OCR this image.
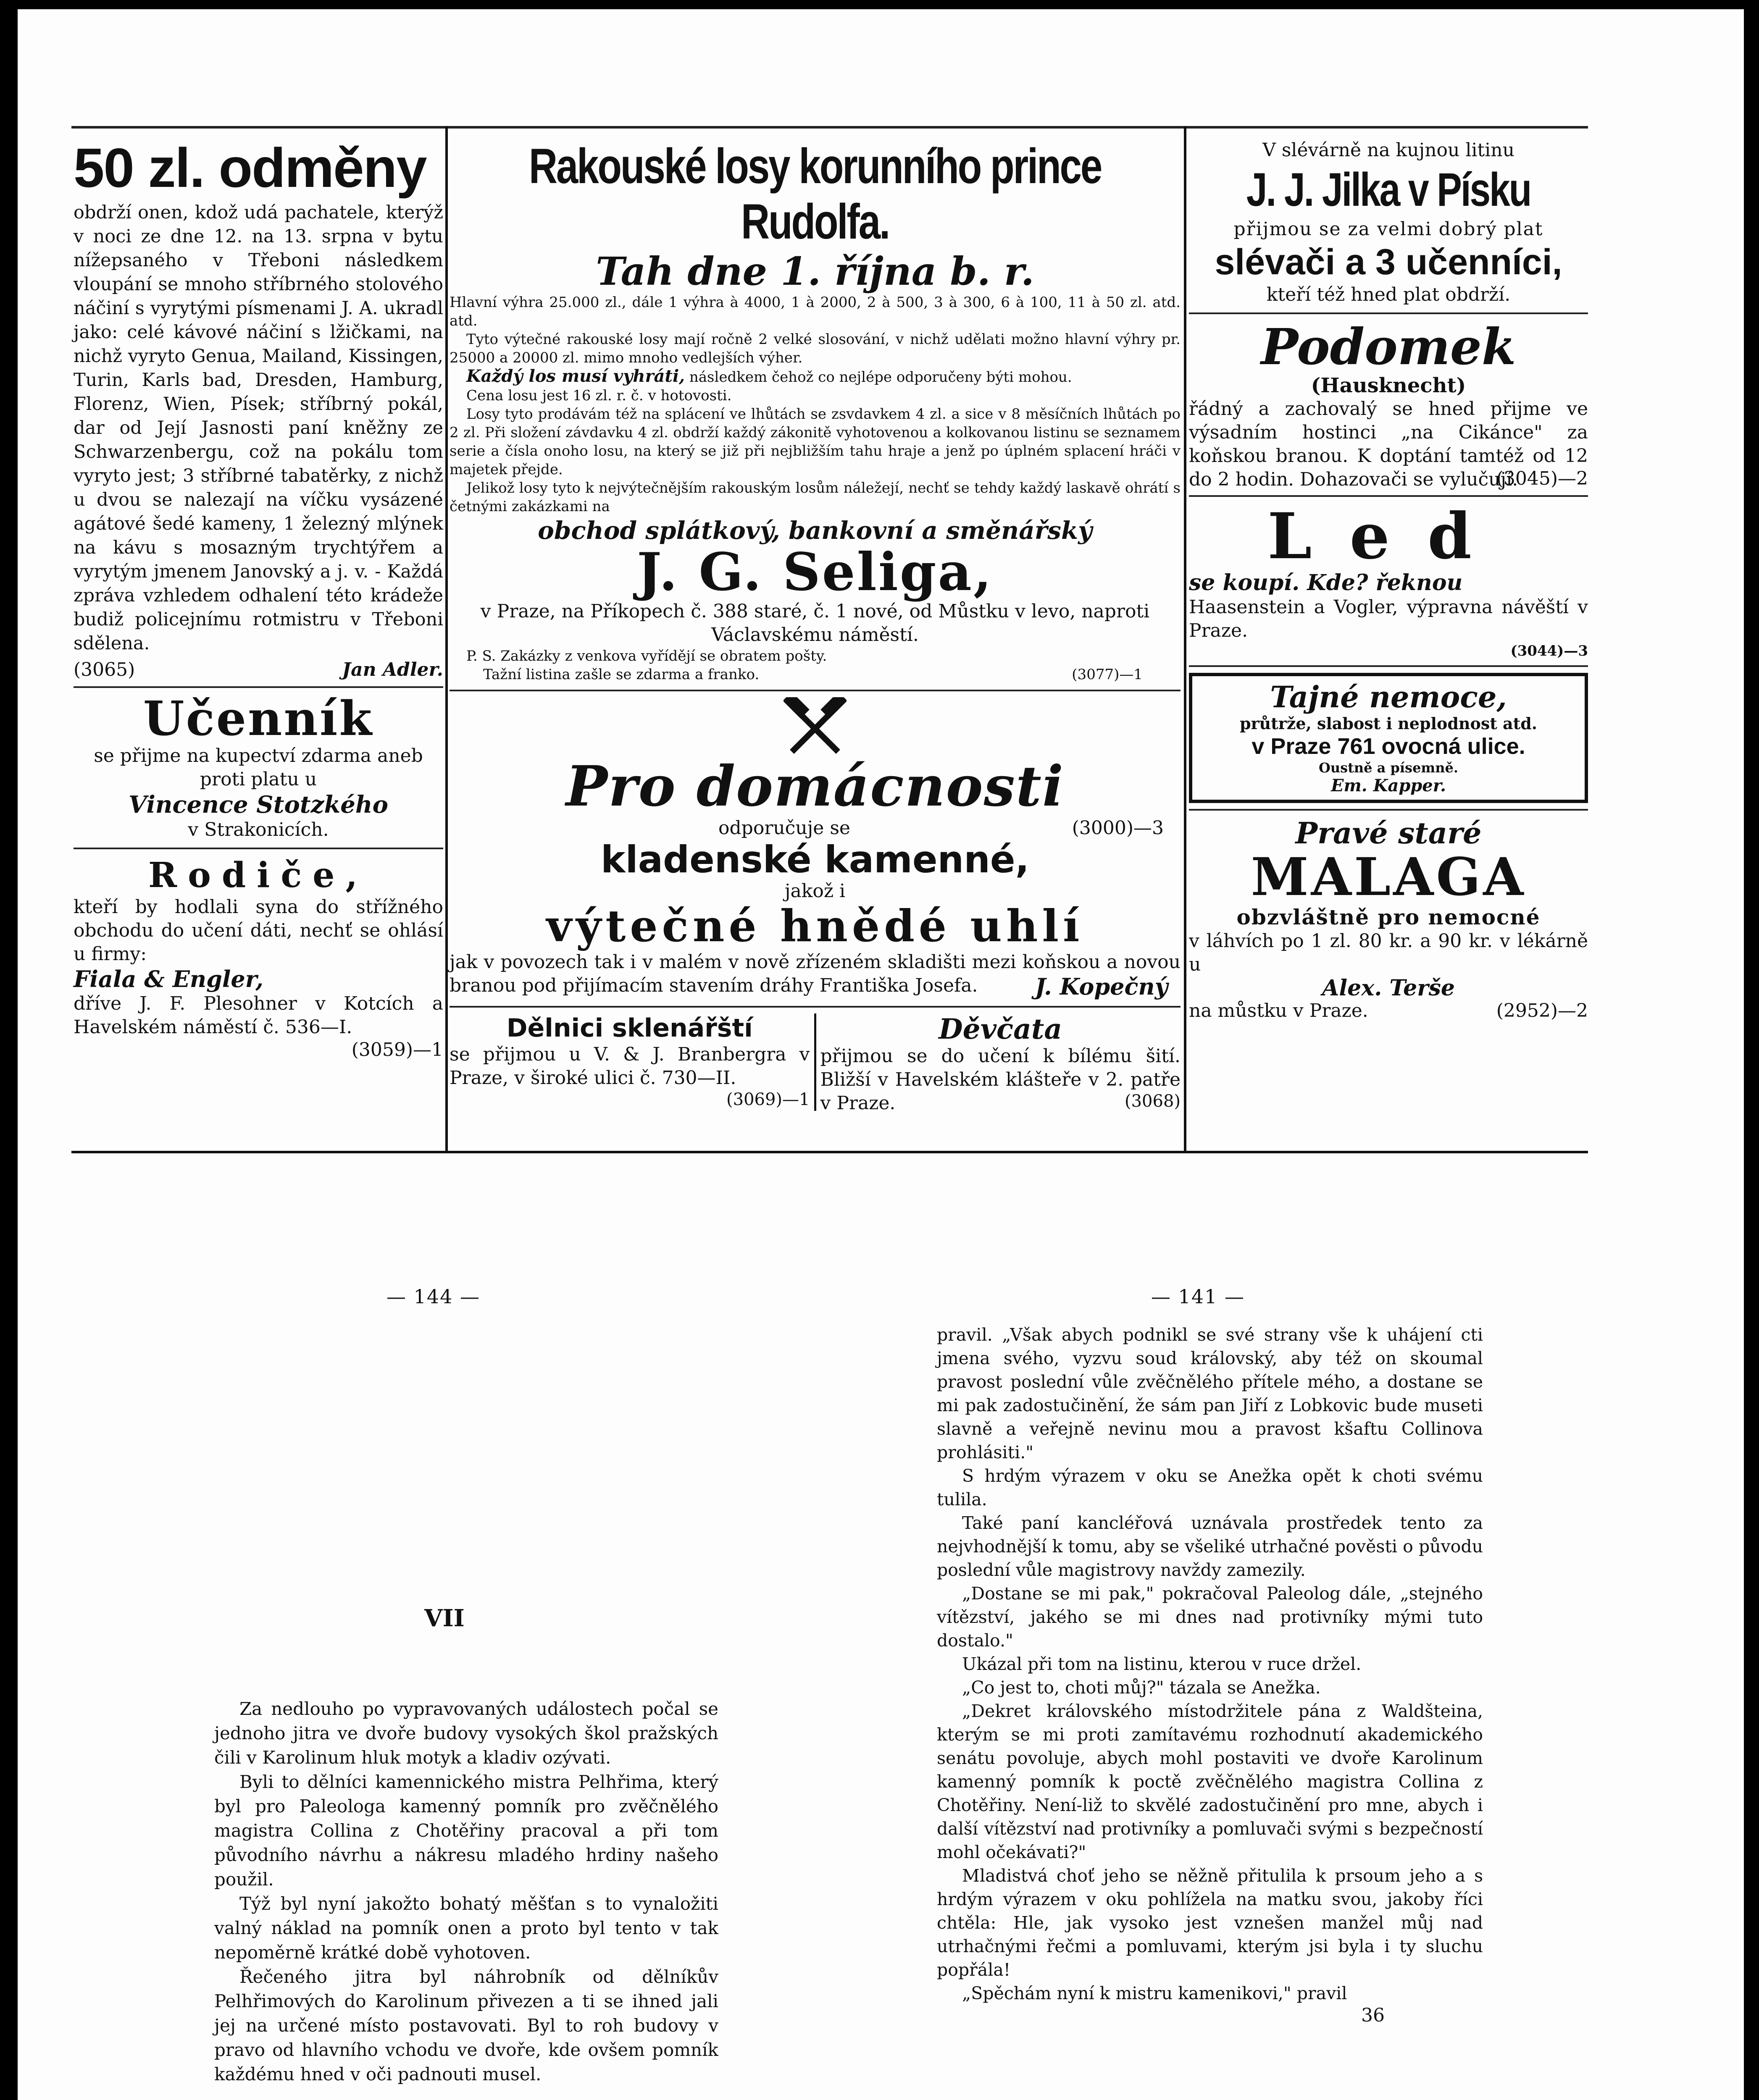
50 zl. odměny

obdrží onen, kdož udá pachatele, kterýž v noci ze dne 12. na 13. srpna v bytu nížepsaného v Třeboni následkem vloupání se mnoho stříbrného stolového náčiní s vyrytými písmenami J. A. ukradl jako: celé kávové náčiní s lžičkami, na nichž vyryto Genua, Mailand, Kissingen, Turin, Karls bad, Dresden, Hamburg, Florenz, Wien, Písek; stříbrný pokál, dar od Její Jasnosti paní kněžny ze Schwarzenbergu, což na pokálu tom vyryto jest; 3 stříbrné tabatěrky, z nichž u dvou se nalezají na víčku vysázené agátové šedé kameny, 1 železný mlýnek na kávu s mosazným trychtýřem a vyrytým jmenem Janovský a j. v. - Každá zpráva vzhledem odhalení této krádeže budiž policejnímu rotmistru v Třeboni sdělena.

(3065)	Jan Adler.
Učenník

se přijme na kupectví zdarma aneb proti platu u

Vincence Stotzkého

v Strakonicích.

Rodiče,

kteří by hodlali syna do střížného obchodu do učení dáti, nechť se ohlásí u firmy:

Fiala & Engler,

dříve J. F. Plesohner v Kotcích a Havelském náměstí č. 536—I.

(3059)—1
Rakouské losy korunního prince Rudolfa.
Tah dne 1. října b. r.

Hlavní výhra 25.000 zl., dále 1 výhra à 4000, 1 à 2000, 2 à 500, 3 à 300, 6 à 100, 11 à 50 zl. atd. atd.

Tyto výtečné rakouské losy mají ročně 2 velké slosování, v nichž udělati možno hlavní výhry pr. 25000 a 20000 zl. mimo mnoho vedlejších výher.

Každý los musí vyhráti, následkem čehož co nejlépe odporučeny býti mohou.

Cena losu jest 16 zl. r. č. v hotovosti.

Losy tyto prodávám též na splácení ve lhůtách se zsvdavkem 4 zl. a sice v 8 měsíčních lhůtách po 2 zl. Při složení závdavku 4 zl. obdrží každý zákonitě vyhotovenou a kolkovanou listinu se seznamem serie a čísla onoho losu, na který se již při nejbližším tahu hraje a jenž po úplném splacení hráči v majetek přejde.

Jelikož losy tyto k nejvýtečnějším rakouským losům náležejí, nechť se tehdy každý laskavě ohrátí s četnými zakázkami na

obchod splátkový, bankovní a směnářský
J. G. Seliga,

v Praze, na Příkopech č. 388 staré, č. 1 nové, od Můstku v levo, naproti Václavskému náměstí.

P. S. Zakázky z venkova vyřídějí se obratem pošty.

Tažní listina zašle se zdarma a franko.	(3077)—1
Pro domácnosti
odporučuje se	(3000)—3
kladenské kamenné,
jakož i
výtečné hnědé uhlí

jak v povozech tak i v malém v nově zřízeném skladišti mezi koňskou a novou branou pod přijímacím stavením dráhy Františka Josefa.	J. Kopečný
Dělnici sklenářští

se přijmou u V. & J. Branbergra v Praze, v široké ulici č. 730—II.

(3069)—1
Děvčata

přijmou se do učení k bílému šití. Bližší v Havelském klášteře v 2. patře v Praze.	(3068)

V slévárně na kujnou litinu

J. J. Jilka v Písku

přijmou se za velmi dobrý plat

slévači a 3 učenníci,

kteří též hned plat obdrží.

Podomek
(Hausknecht)

řádný a zachovalý se hned přijme ve výsadním hostinci „na Cikánce" za koňskou branou. K doptání tamtéž od 12 do 2 hodin. Dohazovači se vylučují.

(3045)—2
Led
se koupí. Kde? řeknou

Haasenstein a Vogler, výpravna návěští v Praze.

(3044)—3
Tajné nemoce,
průtrže, slabost i neplodnost atd.
v Praze 761 ovocná ulice.
Oustně a písemně.
Em. Kapper.
Pravé staré
MALAGA
obzvláštně pro nemocné

v láhvích po 1 zl. 80 kr. a 90 kr. v lékárně u

Alex. Terše
na můstku v Praze.	(2952)—2
— 144 —
VII

Za nedlouho po vypravovaných událostech počal se jednoho jitra ve dvoře budovy vysokých škol pražských čili v Karolinum hluk motyk a kladiv ozývati.

Byli to dělníci kamennického mistra Pelhřima, který byl pro Paleologa kamenný pomník pro zvěčnělého magistra Collina z Chotěřiny pracoval a při tom původního návrhu a nákresu mladého hrdiny našeho použil.

Týž byl nyní jakožto bohatý měšťan s to vynaložiti valný náklad na pomník onen a proto byl tento v tak nepoměrně krátké době vyhotoven.

Řečeného jitra byl náhrobník od dělníkův Pelhřimových do Karolinum přivezen a ti se ihned jali jej na určené místo postavovati. Byl to roh budovy v pravo od hlavního vchodu ve dvoře, kde ovšem pomník každému hned v oči padnouti musel.

— 141 —

pravil. „Však abych podnikl se své strany vše k uhájení cti jmena svého, vyzvu soud královský, aby též on skoumal pravost poslední vůle zvěčnělého přítele mého, a dostane se mi pak zadostučinění, že sám pan Jiří z Lobkovic bude museti slavně a veřejně nevinu mou a pravost kšaftu Collinova prohlásiti."

S hrdým výrazem v oku se Anežka opět k choti svému tulila.

Také paní kancléřová uznávala prostředek tento za nejvhodnější k tomu, aby se všeliké utrhačné pověsti o původu poslední vůle magistrovy navždy zamezily.

„Dostane se mi pak," pokračoval Paleolog dále, „stejného vítězství, jakého se mi dnes nad protivníky mými tuto dostalo."

Ukázal při tom na listinu, kterou v ruce držel.

„Co jest to, choti můj?" tázala se Anežka.

„Dekret královského místodržitele pána z Waldšteina, kterým se mi proti zamítavému rozhodnutí akademického senátu povoluje, abych mohl postaviti ve dvoře Karolinum kamenný pomník k poctě zvěčnělého magistra Collina z Chotěřiny. Není-liž to skvělé zadostučinění pro mne, abych i další vítězství nad protivníky a pomluvači svými s bezpečností mohl očekávati?"

Mladistvá choť jeho se něžně přitulila k prsoum jeho a s hrdým výrazem v oku pohlížela na matku svou, jakoby říci chtěla: Hle, jak vysoko jest vznešen manžel můj nad utrhačnými řečmi a pomluvami, kterým jsi byla i ty sluchu popřála!

„Spěchám nyní k mistru kamenikovi," pravil

36
